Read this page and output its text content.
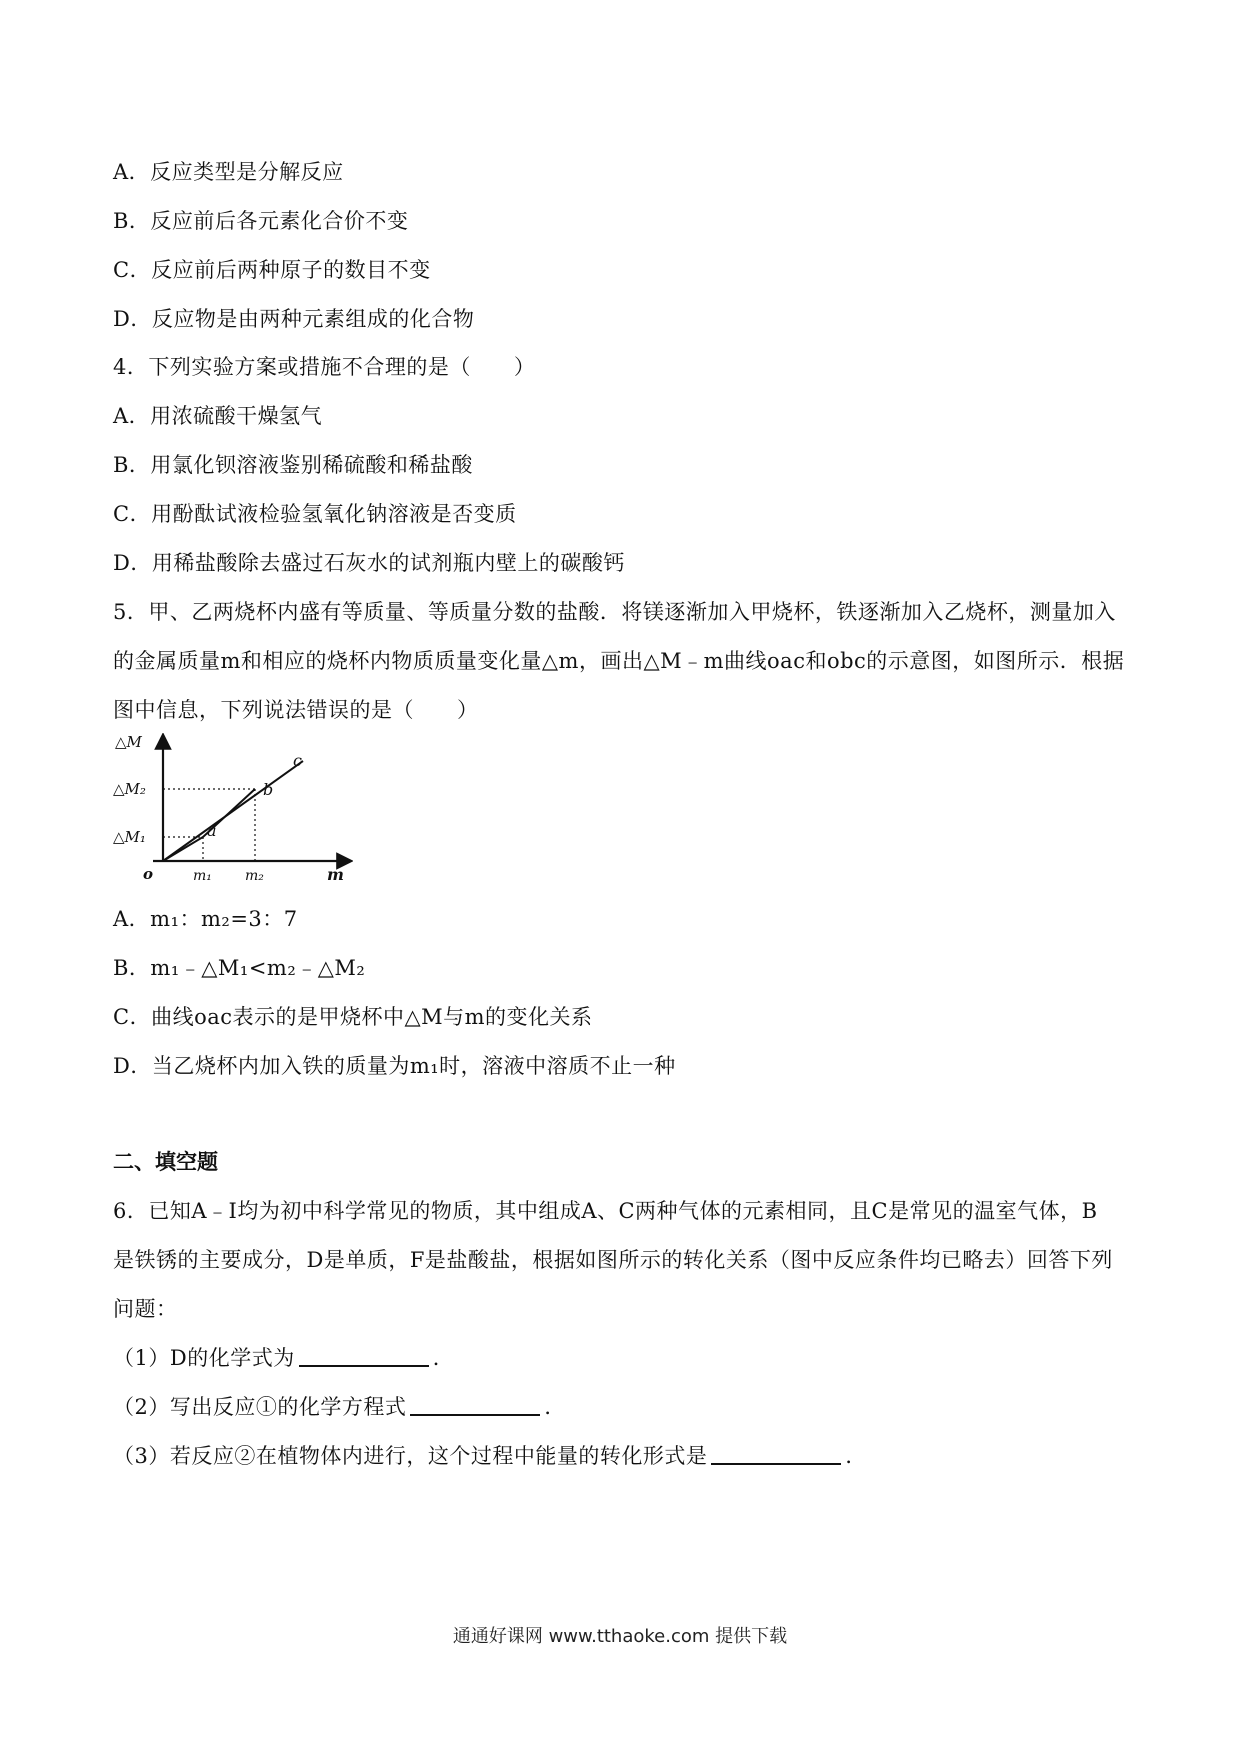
A．反应类型是分解反应
B．反应前后各元素化合价不变
C．反应前后两种原子的数目不变
D．反应物是由两种元素组成的化合物
4．下列实验方案或措施不合理的是（　　）
A．用浓硫酸干燥氢气
B．用氯化钡溶液鉴别稀硫酸和稀盐酸
C．用酚酞试液检验氢氧化钠溶液是否变质
D．用稀盐酸除去盛过石灰水的试剂瓶内壁上的碳酸钙
5．甲、乙两烧杯内盛有等质量、等质量分数的盐酸．将镁逐渐加入甲烧杯，铁逐渐加入乙烧杯，测量加入
的金属质量m和相应的烧杯内物质质量变化量△m，画出△M﹣m曲线oac和obc的示意图，如图所示．根据
图中信息，下列说法错误的是（　　）
△M
△M₂
△M₁
o	m₁ m₂	m
a
b
c
A．m₁：m₂=3：7
B．m₁﹣△M₁<m₂﹣△M₂
C．曲线oac表示的是甲烧杯中△M与m的变化关系
D．当乙烧杯内加入铁的质量为m₁时，溶液中溶质不止一种
二、填空题
6．已知A﹣I均为初中科学常见的物质，其中组成A、C两种气体的元素相同，且C是常见的温室气体，B
是铁锈的主要成分，D是单质，F是盐酸盐，根据如图所示的转化关系（图中反应条件均已略去）回答下列
问题：
（1）D的化学式为	．
（2）写出反应①的化学方程式	．
（3）若反应②在植物体内进行，这个过程中能量的转化形式是	．
通通好课网 www.tthaoke.com 提供下载
